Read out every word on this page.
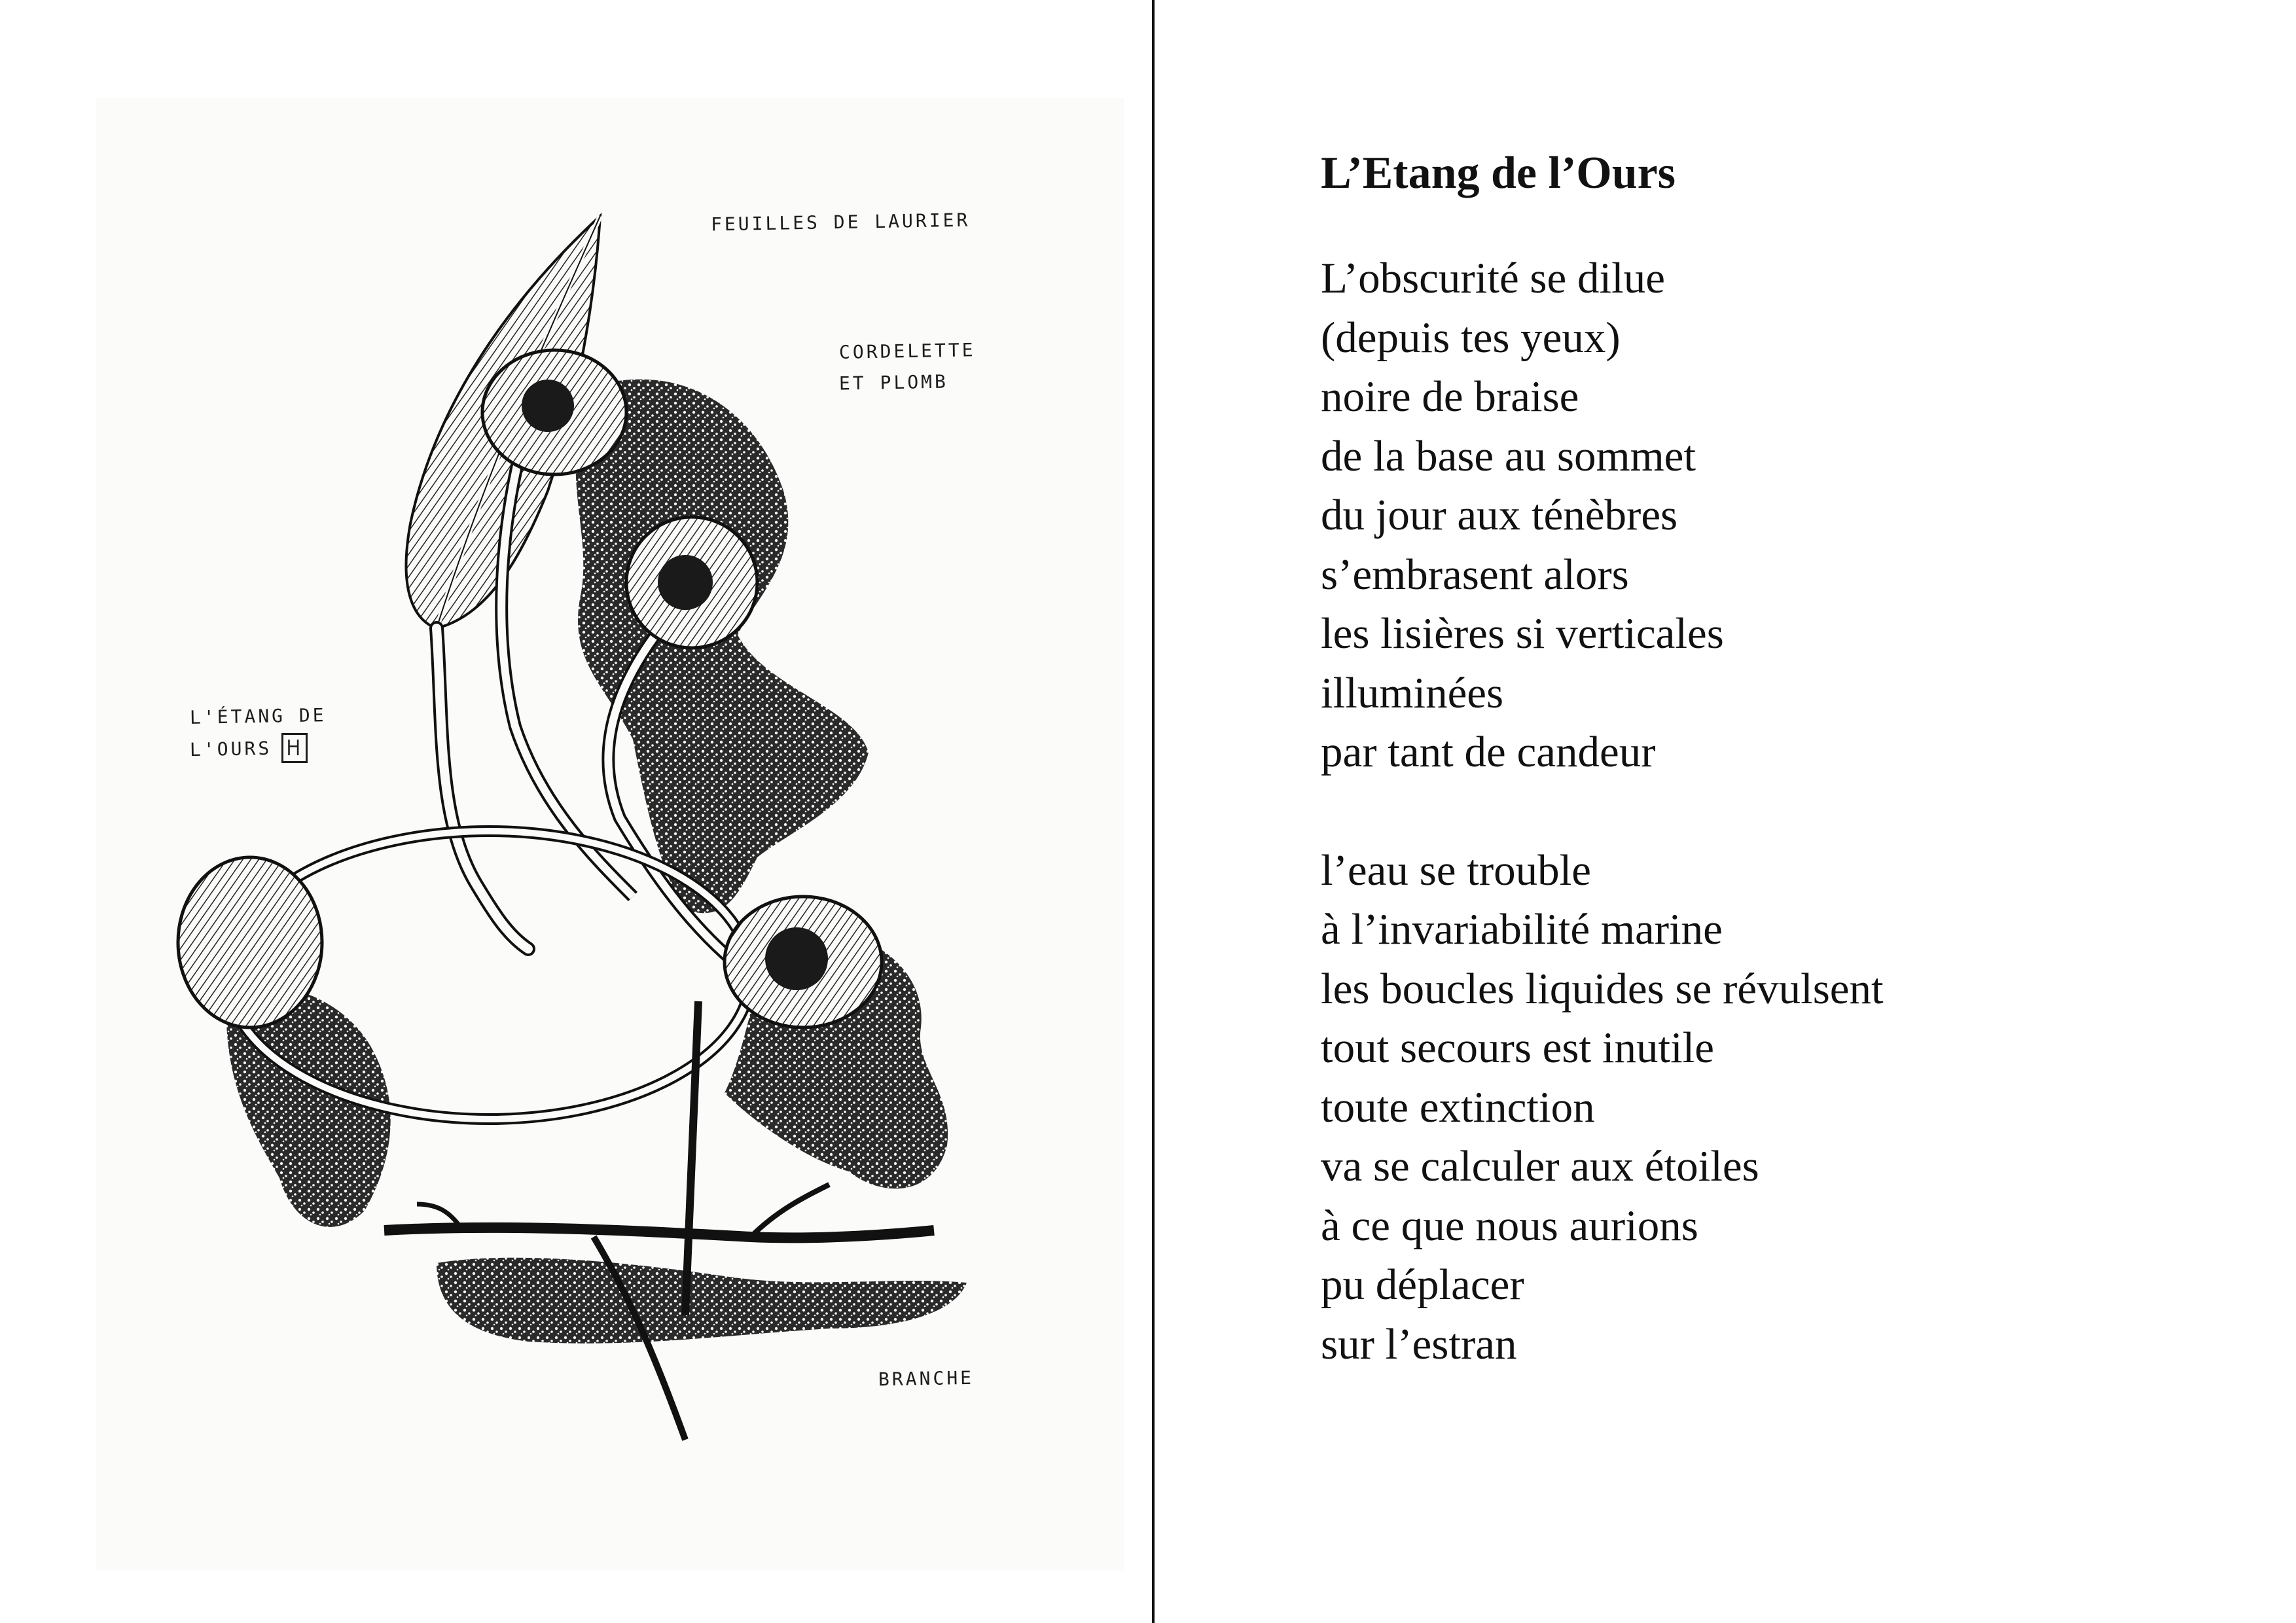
FEUILLES DE LAURIER
CORDELETTE
ET PLOMB
L'ÉTANG DE
L'OURS
BRANCHE
L’Etang de l’Ours
L’obscurité se dilue
(depuis tes yeux)
noire de braise
de la base au sommet
du jour aux ténèbres
s’embrasent alors
les lisières si verticales
illuminées
par tant de candeur
l’eau se trouble
à l’invariabilité marine
les boucles liquides se révulsent
tout secours est inutile
toute extinction
va se calculer aux étoiles
à ce que nous aurions
pu déplacer
sur l’estran
